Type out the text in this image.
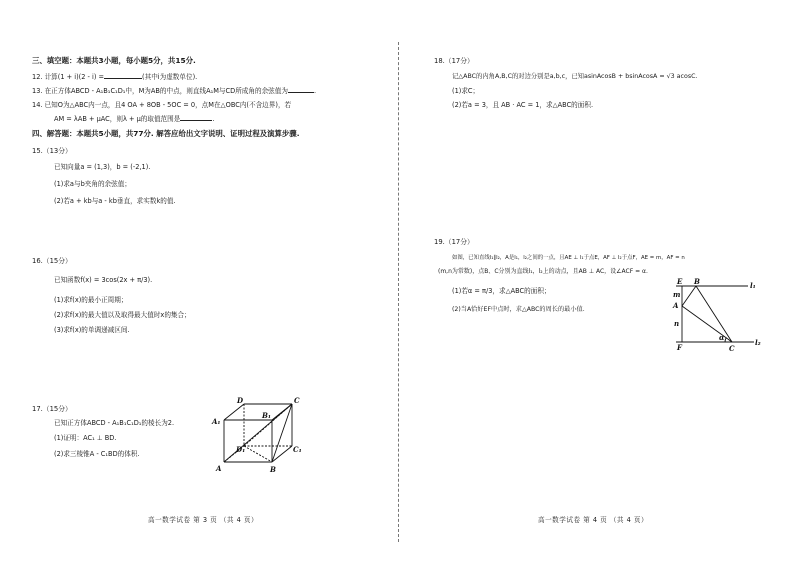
三、填空题：本题共3小题，每小题5分，共15分.
12. 计算(1 + i)(2 - i) =	(其中i为虚数单位).
13. 在正方体ABCD - A₁B₁C₁D₁中，M为AB的中点，则直线A₁M与CD所成角的余弦值为	.
14. 已知O为△ABC内一点，且4 OA + 8OB - 5OC = 0，点M在△OBC内(不含边界)，若
AM = λAB + μAC，则λ + μ的取值范围是	.
四、解答题：本题共5小题，共77分. 解答应给出文字说明、证明过程及演算步骤.
15.（13分）
已知向量a = (1,3)，b = (-2,1).
(1)求a与b夹角的余弦值；
(2)若a + kb与a - kb垂直，求实数k的值.
16.（15分）
已知函数f(x) = 3cos(2x + π/3).
(1)求f(x)的最小正周期；
(2)求f(x)的最大值以及取得最大值时x的集合；
(3)求f(x)的单调递减区间.
17.（15分）
已知正方体ABCD - A₁B₁C₁D₁的棱长为2.
(1)证明：AC₁ ⊥ BD.
(2)求三棱锥A - C₁BD的体积.
D	C
A₁
B₁
D₁	C₁
A	B
高一数学试卷 第 3 页 （共 4 页）
18.（17分）
记△ABC的内角A,B,C的对边分别是a,b,c，已知asinAcosB + bsinAcosA = √3 acosC.
(1)求C；
(2)若a = 3，且 AB · AC = 1，求△ABC的面积.
19.（17分）
如图，已知直线l₁∥l₂，A是l₁，l₂之间的一点，且AE ⊥ l₁于点E，AF ⊥ l₂于点F，AE = m，AF = n
(m,n为常数)，点B、C分别为直线l₁，l₂上的动点，且AB ⊥ AC，设∠ACF = α.
(1)若α = π/3，求△ABC的面积；
(2)当A恰好EF中点时，求△ABC的周长的最小值.
E B	l₁
m
A
n
F
α
C
l₂
高一数学试卷 第 4 页 （共 4 页）
